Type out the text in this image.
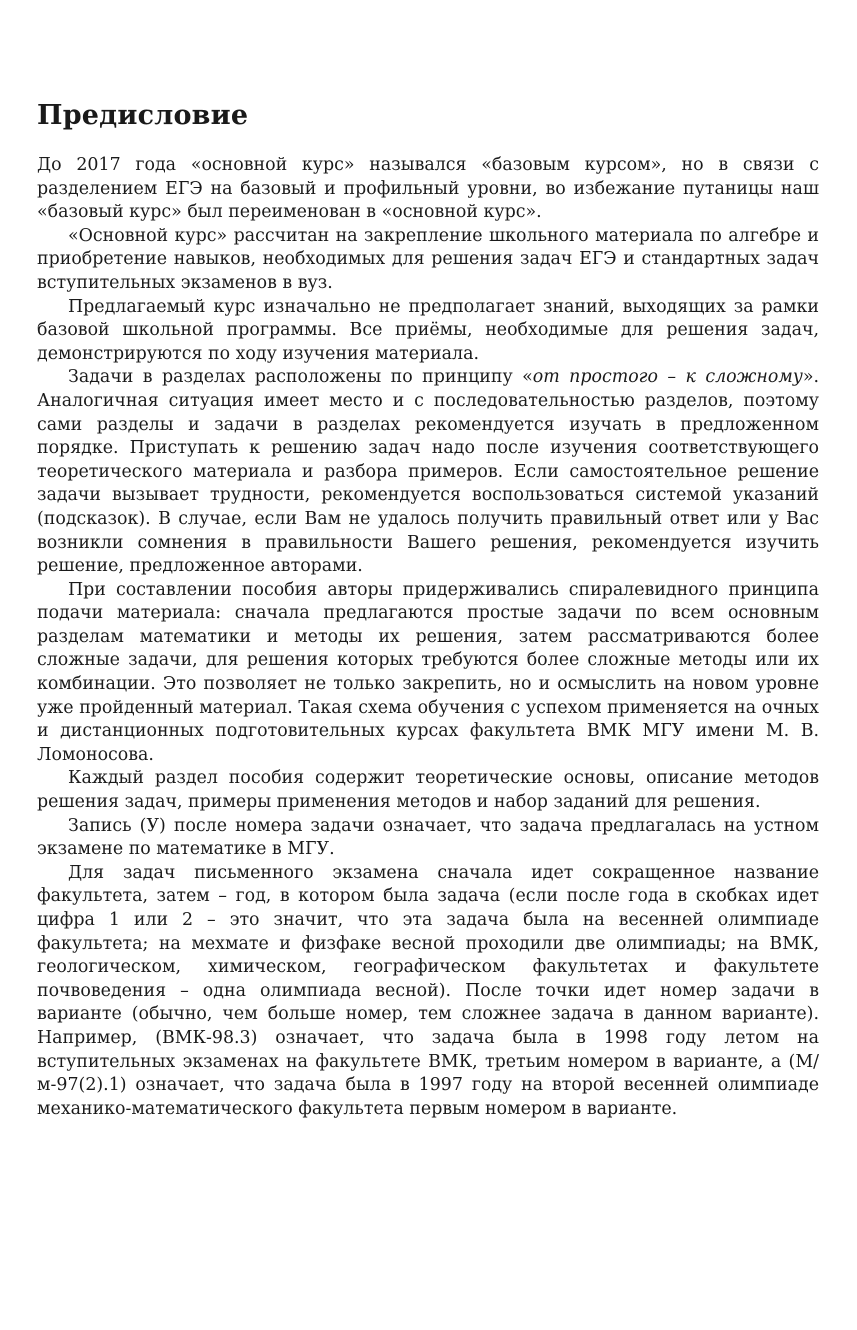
Предисловие

До 2017 года «основной курс» назывался «базовым курсом», но в связи с разделением ЕГЭ на базовый и профильный уровни, во избежание путаницы наш «базовый курс» был переименован в «основной курс».

«Основной курс» рассчитан на закрепление школьного материала по алгебре и приобретение навыков, необходимых для решения задач ЕГЭ и стандартных задач вступительных экзаменов в вуз.

Предлагаемый курс изначально не предполагает знаний, выходящих за рамки базовой школьной программы. Все приёмы, необходимые для решения задач, демонстрируются по ходу изучения материала.

Задачи в разделах расположены по принципу «от простого – к сложному». Аналогичная ситуация имеет место и с последовательностью разделов, поэтому сами разделы и задачи в разделах рекомендуется изучать в предложенном порядке. Приступать к решению задач надо после изучения соответствующего теоретического материала и разбора примеров. Если самостоятельное решение задачи вызывает трудности, рекомендуется воспользоваться системой указаний (подсказок). В случае, если Вам не удалось получить правильный ответ или у Вас возникли сомнения в правильности Вашего решения, рекомендуется изучить решение, предложенное авторами.

При составлении пособия авторы придерживались спиралевидного принципа подачи материала: сначала предлагаются простые задачи по всем основным разделам математики и методы их решения, затем рассматриваются более сложные задачи, для решения которых требуются более сложные методы или их комбинации. Это позволяет не только закрепить, но и осмыслить на новом уровне уже пройденный материал. Такая схема обучения с успехом применяется на очных и дистанционных подготовительных курсах факультета ВМК МГУ имени М. В. Ломоносова.

Каждый раздел пособия содержит теоретические основы, описание методов решения задач, примеры применения методов и набор заданий для решения.

Запись (У) после номера задачи означает, что задача предлагалась на устном экзамене по математике в МГУ.

Для задач письменного экзамена сначала идет сокращенное название факультета, затем – год, в котором была задача (если после года в скобках идет цифра 1 или 2 – это значит, что эта задача была на весенней олимпиаде факультета; на мехмате и физфаке весной проходили две олимпиады; на ВМК, геологическом, химическом, географическом факультетах и факультете почвоведения – одна олимпиада весной). После точки идет номер задачи в варианте (обычно, чем больше номер, тем сложнее задача в данном варианте). Например, (ВМК-98.3) означает, что задача была в 1998 году летом на вступительных экзаменах на факультете ВМК, третьим номером в варианте, а (М/м-97(2).1) означает, что задача была в 1997 году на второй весенней олимпиаде механико-математического факультета первым номером в варианте.
